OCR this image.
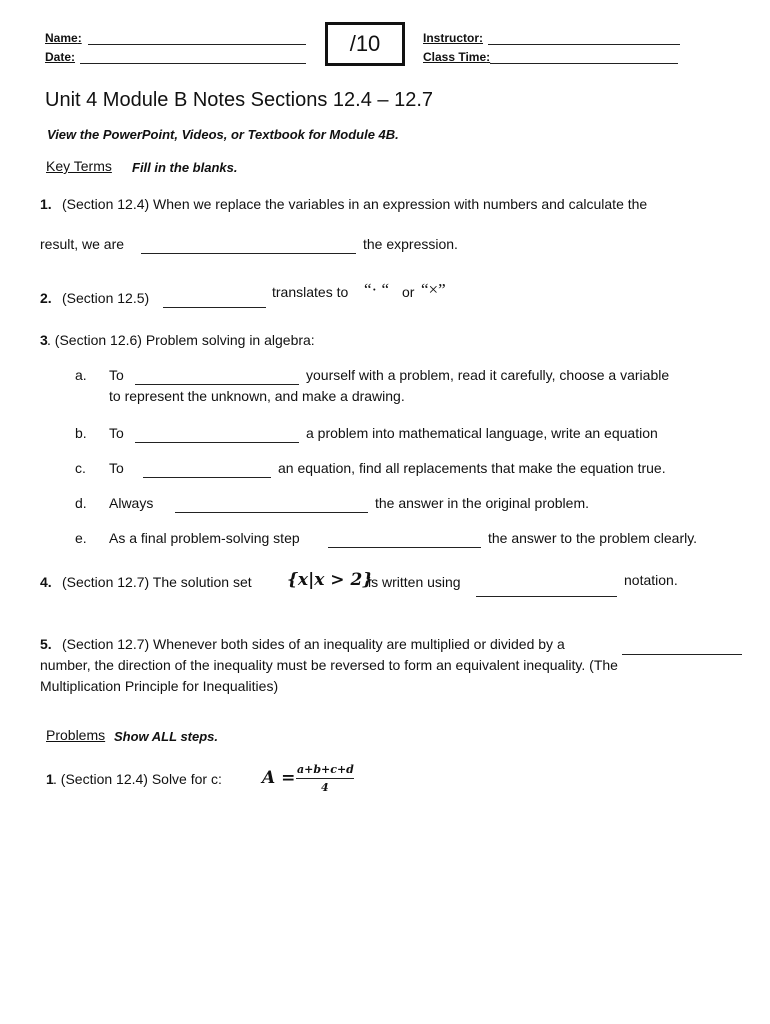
Name:
Date:
/10	Instructor:
Class Time:
Unit 4 Module B Notes Sections 12.4 – 12.7
View the PowerPoint, Videos, or Textbook for Module 4B.
Key Terms Fill in the blanks.
1. (Section 12.4) When we replace the variables in an expression with numbers and calculate the
result, we are	the expression.
2. (Section 12.5)	translates to “· “ or “×”
3 . (Section 12.6) Problem solving in algebra:
a. To	yourself with a problem, read it carefully, choose a variable
to represent the unknown, and make a drawing.
b. To	a problem into mathematical language, write an equation
c. To	an equation, find all replacements that make the equation true.
d. Always	the answer in the original problem.
e. As a final problem-solving step	the answer to the problem clearly.
4. (Section 12.7) The solution set {x|x > 2}
is written using	notation.
5. (Section 12.7) Whenever both sides of an inequality are multiplied or divided by a
number, the direction of the inequality must be reversed to form an equivalent inequality. (The
Multiplication Principle for Inequalities)
Problems Show ALL steps.
1 . (Section 12.4) Solve for c: A = a+b+c+d
4
